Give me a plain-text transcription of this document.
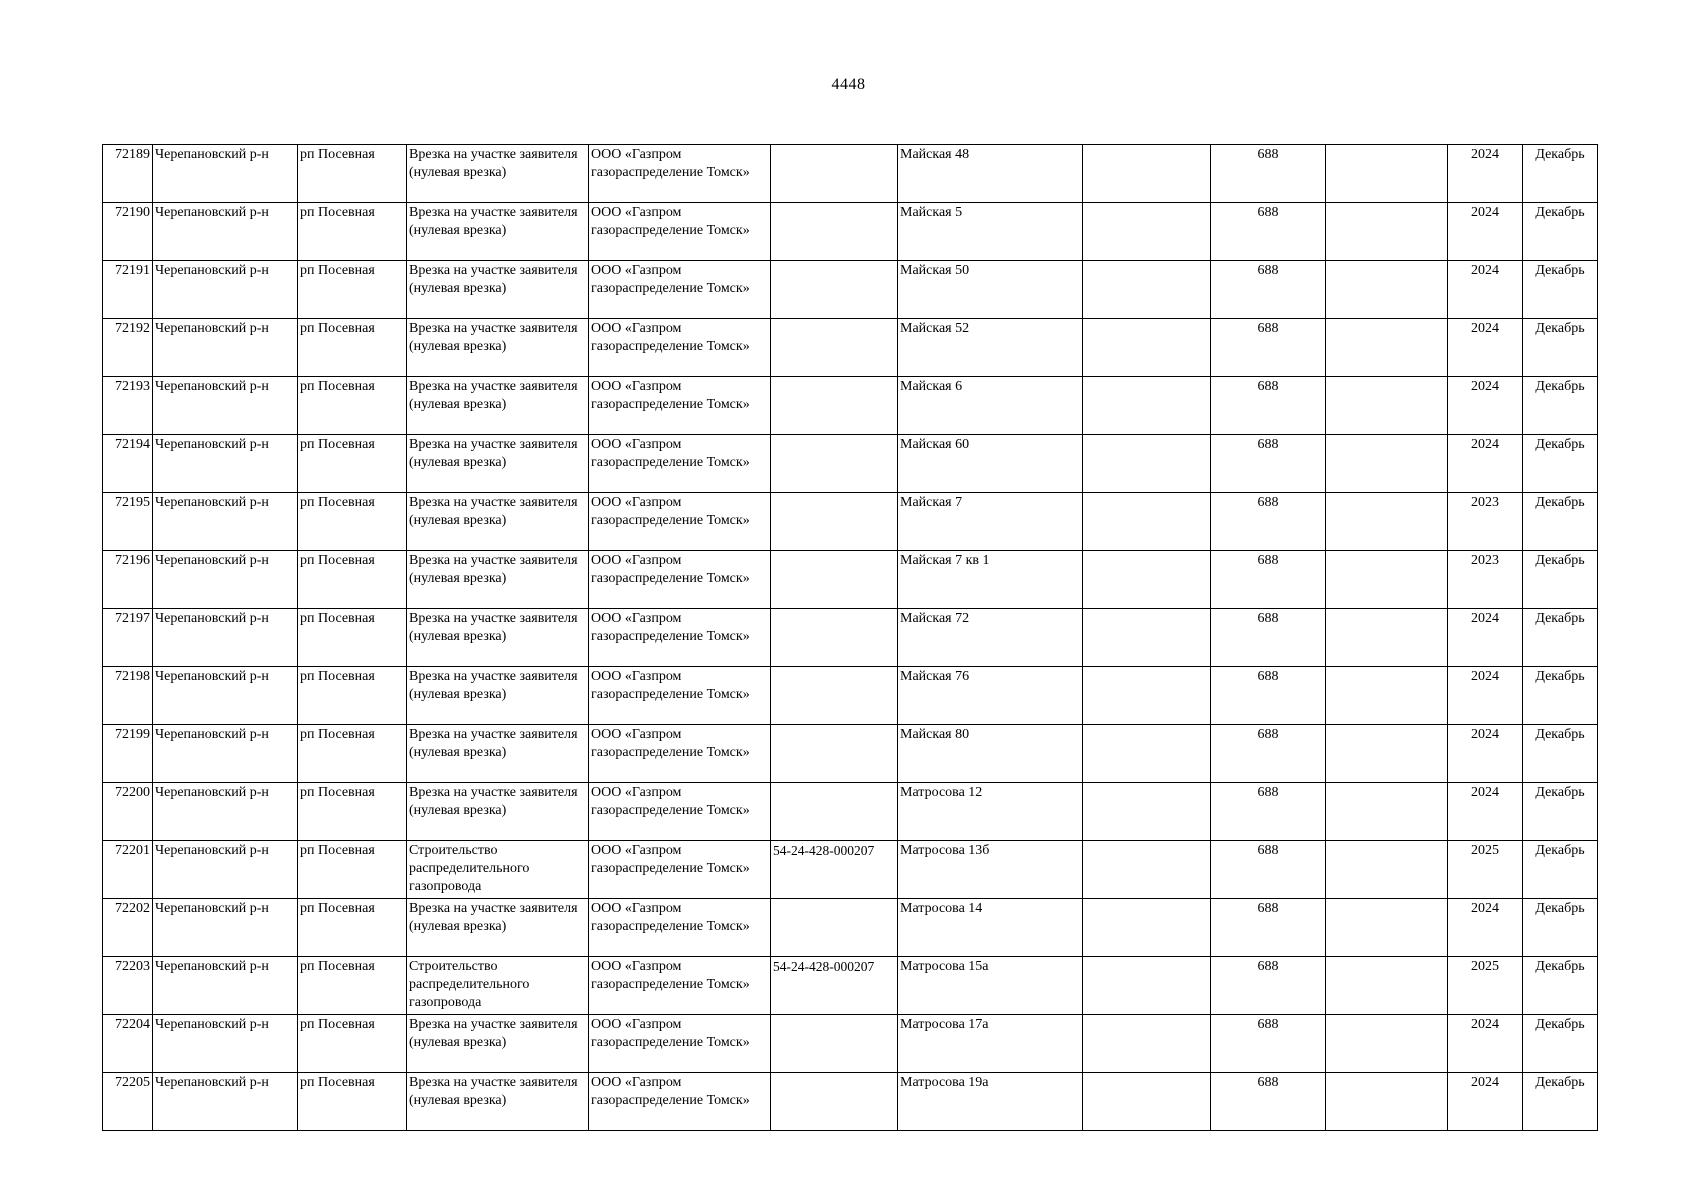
4448
72189	Черепановский р-н	рп Посевная	Врезка на участке заявителя (нулевая врезка)	ООО «Газпром газораспределение Томск»		Майская 48		688		2024	Декабрь
72190	Черепановский р-н	рп Посевная	Врезка на участке заявителя (нулевая врезка)	ООО «Газпром газораспределение Томск»		Майская 5		688		2024	Декабрь
72191	Черепановский р-н	рп Посевная	Врезка на участке заявителя (нулевая врезка)	ООО «Газпром газораспределение Томск»		Майская 50		688		2024	Декабрь
72192	Черепановский р-н	рп Посевная	Врезка на участке заявителя (нулевая врезка)	ООО «Газпром газораспределение Томск»		Майская 52		688		2024	Декабрь
72193	Черепановский р-н	рп Посевная	Врезка на участке заявителя (нулевая врезка)	ООО «Газпром газораспределение Томск»		Майская 6		688		2024	Декабрь
72194	Черепановский р-н	рп Посевная	Врезка на участке заявителя (нулевая врезка)	ООО «Газпром газораспределение Томск»		Майская 60		688		2024	Декабрь
72195	Черепановский р-н	рп Посевная	Врезка на участке заявителя (нулевая врезка)	ООО «Газпром газораспределение Томск»		Майская 7		688		2023	Декабрь
72196	Черепановский р-н	рп Посевная	Врезка на участке заявителя (нулевая врезка)	ООО «Газпром газораспределение Томск»		Майская 7 кв 1		688		2023	Декабрь
72197	Черепановский р-н	рп Посевная	Врезка на участке заявителя (нулевая врезка)	ООО «Газпром газораспределение Томск»		Майская 72		688		2024	Декабрь
72198	Черепановский р-н	рп Посевная	Врезка на участке заявителя (нулевая врезка)	ООО «Газпром газораспределение Томск»		Майская 76		688		2024	Декабрь
72199	Черепановский р-н	рп Посевная	Врезка на участке заявителя (нулевая врезка)	ООО «Газпром газораспределение Томск»		Майская 80		688		2024	Декабрь
72200	Черепановский р-н	рп Посевная	Врезка на участке заявителя (нулевая врезка)	ООО «Газпром газораспределение Томск»		Матросова 12		688		2024	Декабрь
72201	Черепановский р-н	рп Посевная	Строительство распределительного газопровода	ООО «Газпром газораспределение Томск»	54-24-428-000207	Матросова 13б		688		2025	Декабрь
72202	Черепановский р-н	рп Посевная	Врезка на участке заявителя (нулевая врезка)	ООО «Газпром газораспределение Томск»		Матросова 14		688		2024	Декабрь
72203	Черепановский р-н	рп Посевная	Строительство распределительного газопровода	ООО «Газпром газораспределение Томск»	54-24-428-000207	Матросова 15а		688		2025	Декабрь
72204	Черепановский р-н	рп Посевная	Врезка на участке заявителя (нулевая врезка)	ООО «Газпром газораспределение Томск»		Матросова 17а		688		2024	Декабрь
72205	Черепановский р-н	рп Посевная	Врезка на участке заявителя (нулевая врезка)	ООО «Газпром газораспределение Томск»		Матросова 19а		688		2024	Декабрь
